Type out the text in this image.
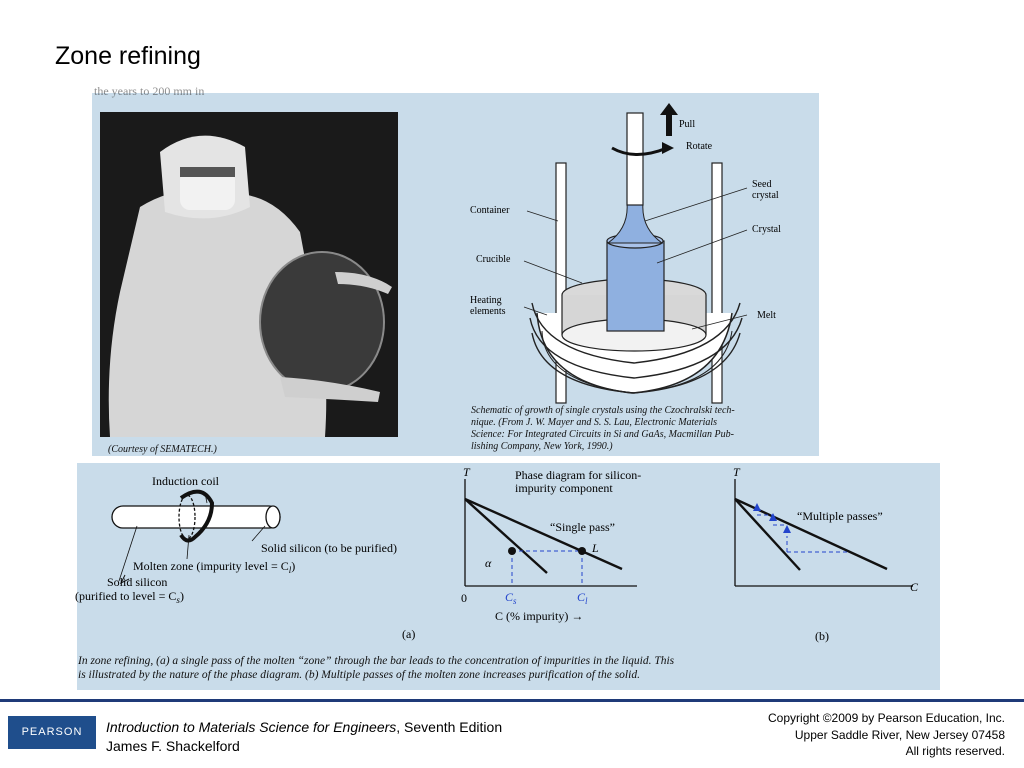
Zone refining
the years to 200 mm in
(Courtesy of SEMATECH.)
Pull
Rotate
Seed
crystal
Container
Crystal
Crucible
Heating
elements	Melt
Schematic of growth of single crystals using the Czochralski tech-
nique. (From J. W. Mayer and S. S. Lau, Electronic Materials
Science: For Integrated Circuits in Si and GaAs, Macmillan Pub-
lishing Company, New York, 1990.)
Induction coil
Solid silicon (to be purified)
Molten zone (impurity level = $C_l$)
Solid silicon
(purified to level = $C_s$)
T	Phase diagram for silicon-
impurity component
“Single pass”
L
α
0	$C_s$	$C_l$
C (% impurity) →
(a)
T
“Multiple passes”
C
(b)
In zone refining, (a) a single pass of the molten “zone” through the bar leads to the concentration of impurities in the liquid. This
is illustrated by the nature of the phase diagram. (b) Multiple passes of the molten zone increases purification of the solid.
PEARSON	Introduction to Materials Science for Engineers, Seventh Edition
James F. Shackelford
Copyright ©2009 by Pearson Education, Inc.
Upper Saddle River, New Jersey 07458
All rights reserved.
